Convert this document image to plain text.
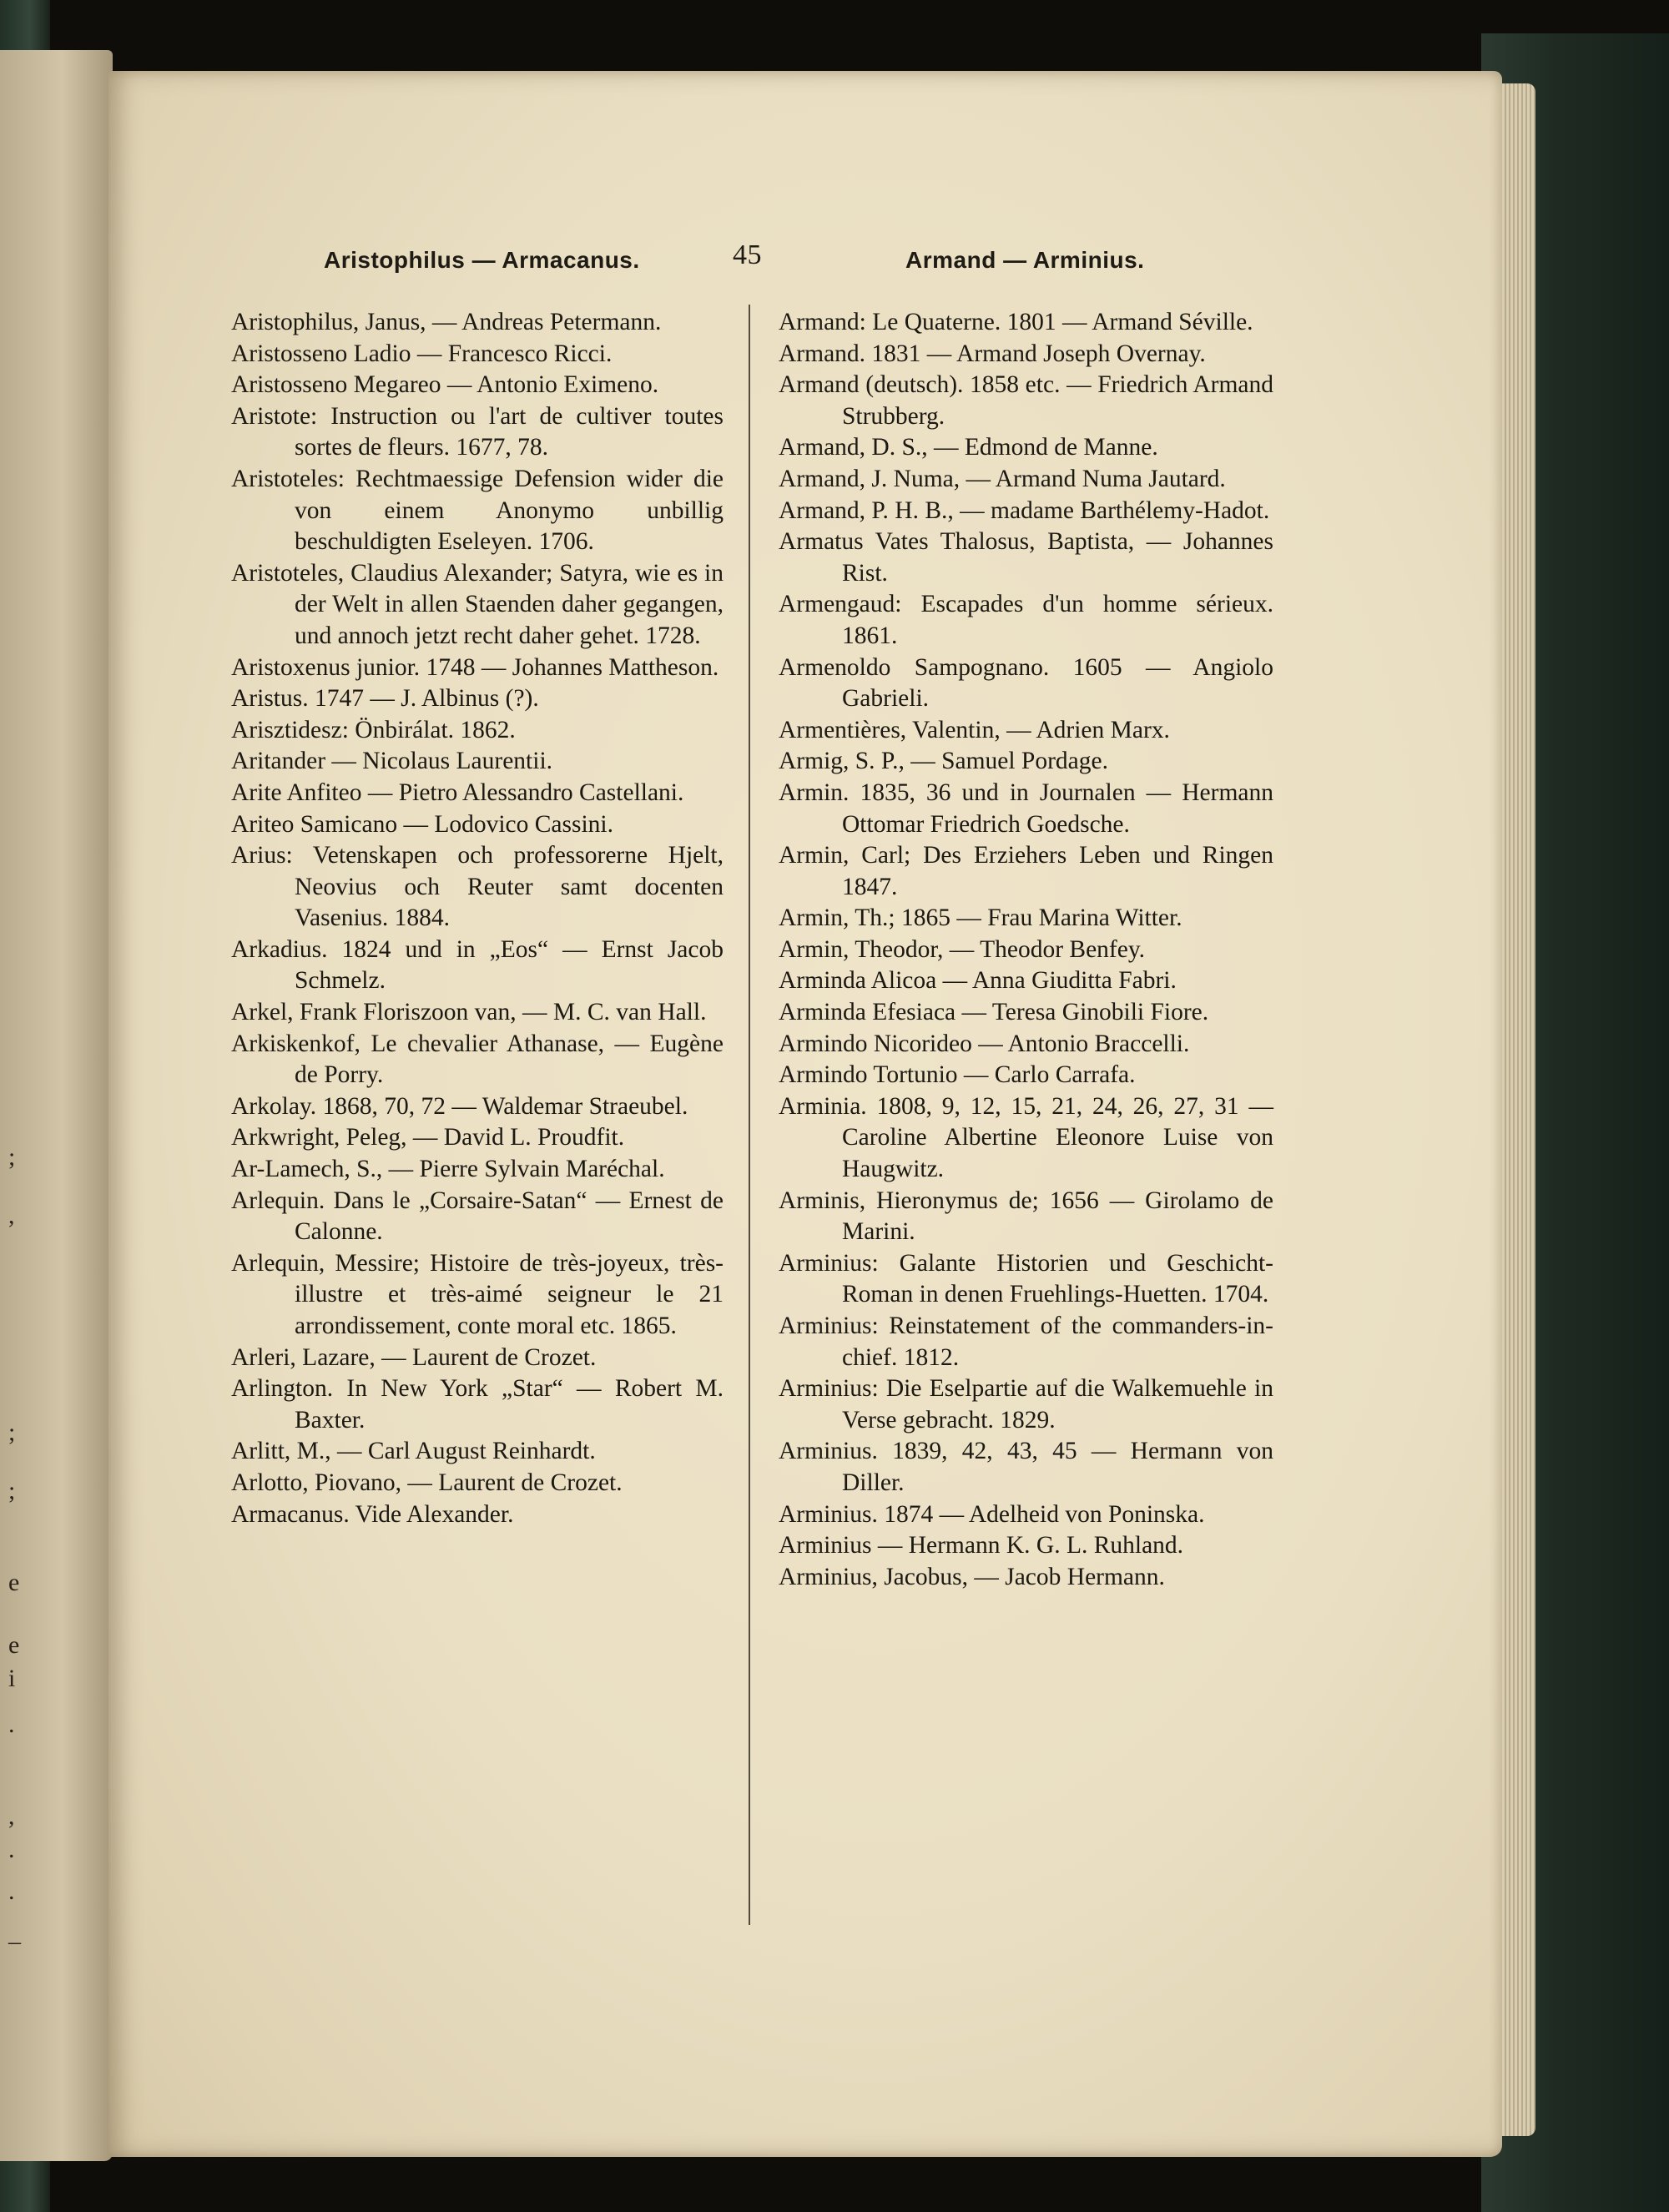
;
,
;
;
e
e
i
.
,
.
.
_
Aristophilus — Armacanus.	45	Armand — Arminius.

Aristophilus, Janus, — Andreas Petermann.

Aristosseno Ladio — Francesco Ricci.

Aristosseno Megareo — Antonio Eximeno.

Aristote: Instruction ou l'art de cultiver toutes sortes de fleurs. 1677, 78.

Aristoteles: Rechtmaessige Defension wider die von einem Anonymo unbillig beschuldigten Eseleyen. 1706.

Aristoteles, Claudius Alexander; Satyra, wie es in der Welt in allen Staenden daher gegangen, und annoch jetzt recht daher gehet. 1728.

Aristoxenus junior. 1748 — Johannes Mattheson.

Aristus. 1747 — J. Albinus (?).

Arisztidesz: Önbirálat. 1862.

Aritander — Nicolaus Laurentii.

Arite Anfiteo — Pietro Alessandro Castellani.

Ariteo Samicano — Lodovico Cassini.

Arius: Vetenskapen och professorerne Hjelt, Neovius och Reuter samt docenten Vasenius. 1884.

Arkadius. 1824 und in „Eos“ — Ernst Jacob Schmelz.

Arkel, Frank Floriszoon van, — M. C. van Hall.

Arkiskenkof, Le chevalier Athanase, — Eugène de Porry.

Arkolay. 1868, 70, 72 — Waldemar Straeubel.

Arkwright, Peleg, — David L. Proudfit.

Ar-Lamech, S., — Pierre Sylvain Maréchal.

Arlequin. Dans le „Corsaire-Satan“ — Ernest de Calonne.

Arlequin, Messire; Histoire de très-joyeux, très-illustre et très-aimé seigneur le 21 arrondissement, conte moral etc. 1865.

Arleri, Lazare, — Laurent de Crozet.

Arlington. In New York „Star“ — Robert M. Baxter.

Arlitt, M., — Carl August Reinhardt.

Arlotto, Piovano, — Laurent de Crozet.

Armacanus. Vide Alexander.

Armand: Le Quaterne. 1801 — Armand Séville.

Armand. 1831 — Armand Joseph Overnay.

Armand (deutsch). 1858 etc. — Friedrich Armand Strubberg.

Armand, D. S., — Edmond de Manne.

Armand, J. Numa, — Armand Numa Jautard.

Armand, P. H. B., — madame Barthélemy-Hadot.

Armatus Vates Thalosus, Baptista, — Johannes Rist.

Armengaud: Escapades d'un homme sérieux. 1861.

Armenoldo Sampognano. 1605 — Angiolo Gabrieli.

Armentières, Valentin, — Adrien Marx.

Armig, S. P., — Samuel Pordage.

Armin. 1835, 36 und in Journalen — Hermann Ottomar Friedrich Goedsche.

Armin, Carl; Des Erziehers Leben und Ringen 1847.

Armin, Th.; 1865 — Frau Marina Witter.

Armin, Theodor, — Theodor Benfey.

Arminda Alicoa — Anna Giuditta Fabri.

Arminda Efesiaca — Teresa Ginobili Fiore.

Armindo Nicorideo — Antonio Braccelli.

Armindo Tortunio — Carlo Carrafa.

Arminia. 1808, 9, 12, 15, 21, 24, 26, 27, 31 — Caroline Albertine Eleonore Luise von Haugwitz.

Arminis, Hieronymus de; 1656 — Girolamo de Marini.

Arminius: Galante Historien und Geschicht-Roman in denen Fruehlings-Huetten. 1704.

Arminius: Reinstatement of the commanders-in-chief. 1812.

Arminius: Die Eselpartie auf die Walkemuehle in Verse gebracht. 1829.

Arminius. 1839, 42, 43, 45 — Hermann von Diller.

Arminius. 1874 — Adelheid von Poninska.

Arminius — Hermann K. G. L. Ruhland.

Arminius, Jacobus, — Jacob Hermann.
